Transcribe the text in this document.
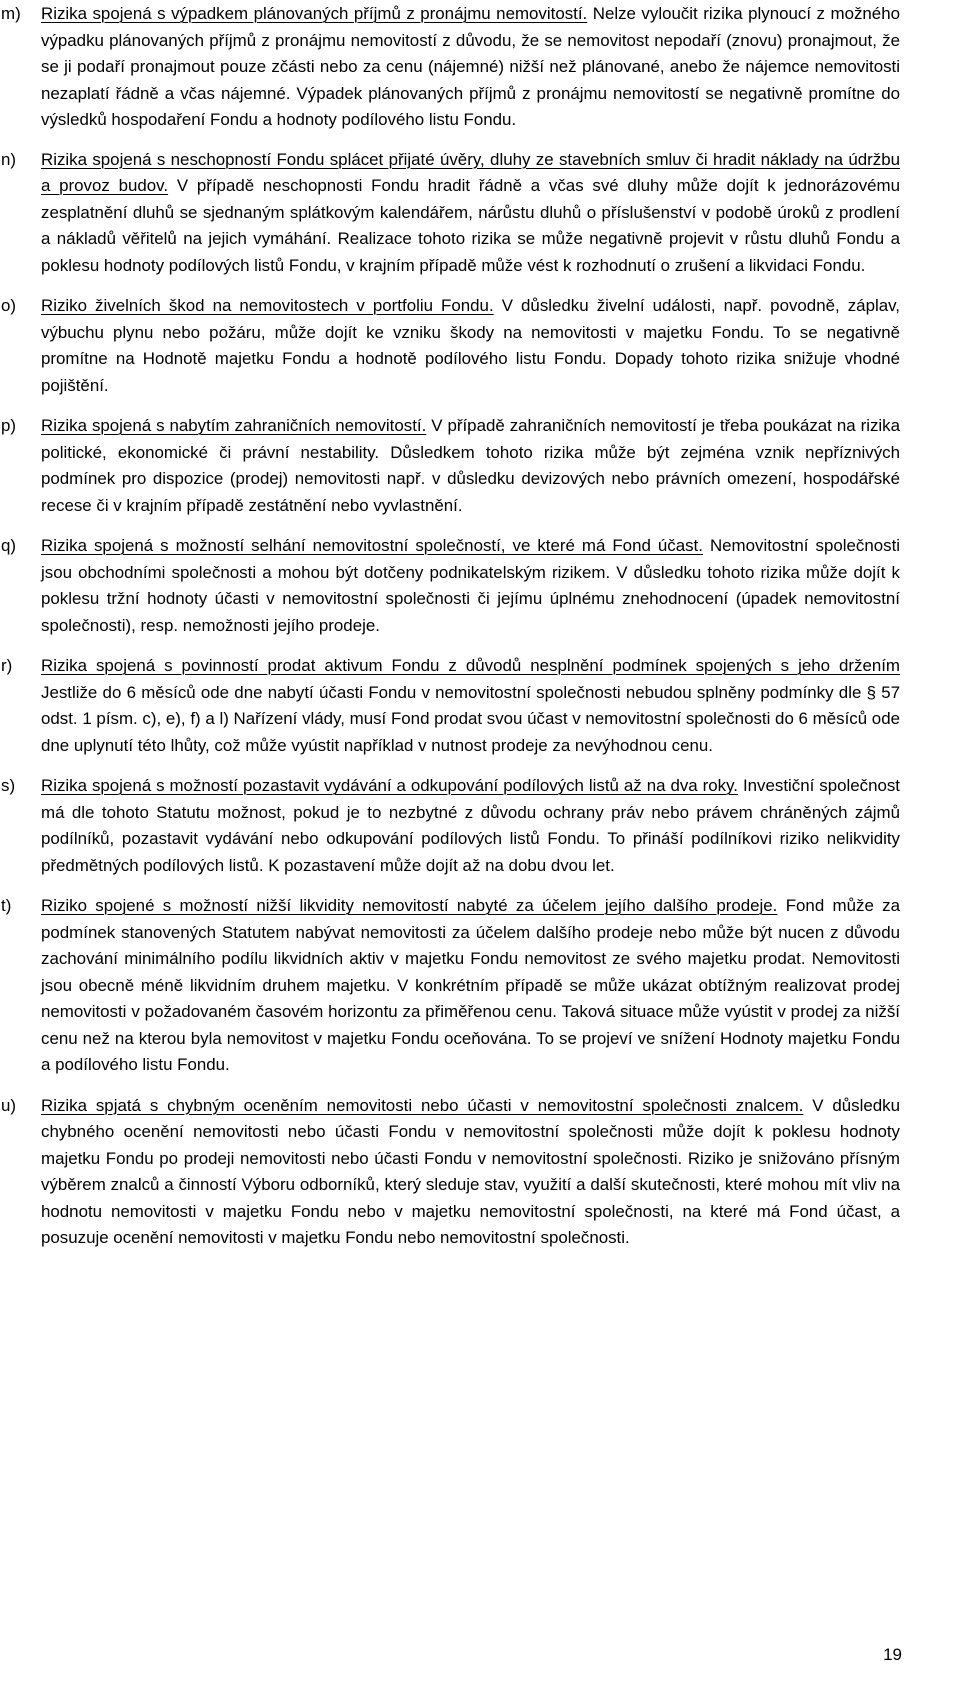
m) Rizika spojená s výpadkem plánovaných příjmů z pronájmu nemovitostí. Nelze vyloučit rizika plynoucí z možného výpadku plánovaných příjmů z pronájmu nemovitostí z důvodu, že se nemovitost nepodaří (znovu) pronajmout, že se ji podaří pronajmout pouze zčásti nebo za cenu (nájemné) nižší než plánované, anebo že nájemce nemovitosti nezaplatí řádně a včas nájemné. Výpadek plánovaných příjmů z pronájmu nemovitostí se negativně promítne do výsledků hospodaření Fondu a hodnoty podílového listu Fondu.
n) Rizika spojená s neschopností Fondu splácet přijaté úvěry, dluhy ze stavebních smluv či hradit náklady na údržbu a provoz budov. V případě neschopnosti Fondu hradit řádně a včas své dluhy může dojít k jednorázovému zesplatnění dluhů se sjednaným splátkovým kalendářem, nárůstu dluhů o příslušenství v podobě úroků z prodlení a nákladů věřitelů na jejich vymáhání. Realizace tohoto rizika se může negativně projevit v růstu dluhů Fondu a poklesu hodnoty podílových listů Fondu, v krajním případě může vést k rozhodnutí o zrušení a likvidaci Fondu.
o) Riziko živelních škod na nemovitostech v portfoliu Fondu. V důsledku živelní události, např. povodně, záplav, výbuchu plynu nebo požáru, může dojít ke vzniku škody na nemovitosti v majetku Fondu. To se negativně promítne na Hodnotě majetku Fondu a hodnotě podílového listu Fondu. Dopady tohoto rizika snižuje vhodné pojištění.
p) Rizika spojená s nabytím zahraničních nemovitostí. V případě zahraničních nemovitostí je třeba poukázat na rizika politické, ekonomické či právní nestability. Důsledkem tohoto rizika může být zejména vznik nepříznivých podmínek pro dispozice (prodej) nemovitosti např. v důsledku devizových nebo právních omezení, hospodářské recese či v krajním případě zestátnění nebo vyvlastnění.
q) Rizika spojená s možností selhání nemovitostní společností, ve které má Fond účast. Nemovitostní společnosti jsou obchodními společnosti a mohou být dotčeny podnikatelským rizikem. V důsledku tohoto rizika může dojít k poklesu tržní hodnoty účasti v nemovitostní společnosti či jejímu úplnému znehodnocení (úpadek nemovitostní společnosti), resp. nemožnosti jejího prodeje.
r) Rizika spojená s povinností prodat aktivum Fondu z důvodů nesplnění podmínek spojených s jeho držením Jestliže do 6 měsíců ode dne nabytí účasti Fondu v nemovitostní společnosti nebudou splněny podmínky dle § 57 odst. 1 písm. c), e), f) a l) Nařízení vlády, musí Fond prodat svou účast v nemovitostní společnosti do 6 měsíců ode dne uplynutí této lhůty, což může vyústit například v nutnost prodeje za nevýhodnou cenu.
s) Rizika spojená s možností pozastavit vydávání a odkupování podílových listů až na dva roky. Investiční společnost má dle tohoto Statutu možnost, pokud je to nezbytné z důvodu ochrany práv nebo právem chráněných zájmů podílníků, pozastavit vydávání nebo odkupování podílových listů Fondu. To přináší podílníkovi riziko nelikvidity předmětných podílových listů. K pozastavení může dojít až na dobu dvou let.
t) Riziko spojené s možností nižší likvidity nemovitostí nabyté za účelem jejího dalšího prodeje. Fond může za podmínek stanovených Statutem nabývat nemovitosti za účelem dalšího prodeje nebo může být nucen z důvodu zachování minimálního podílu likvidních aktiv v majetku Fondu nemovitost ze svého majetku prodat. Nemovitosti jsou obecně méně likvidním druhem majetku. V konkrétním případě se může ukázat obtížným realizovat prodej nemovitosti v požadovaném časovém horizontu za přiměřenou cenu. Taková situace může vyústit v prodej za nižší cenu než na kterou byla nemovitost v majetku Fondu oceňována. To se projeví ve snížení Hodnoty majetku Fondu a podílového listu Fondu.
u) Rizika spjatá s chybným oceněním nemovitosti nebo účasti v nemovitostní společnosti znalcem. V důsledku chybného ocenění nemovitosti nebo účasti Fondu v nemovitostní společnosti může dojít k poklesu hodnoty majetku Fondu po prodeji nemovitosti nebo účasti Fondu v nemovitostní společnosti. Riziko je snižováno přísným výběrem znalců a činností Výboru odborníků, který sleduje stav, využití a další skutečnosti, které mohou mít vliv na hodnotu nemovitosti v majetku Fondu nebo v majetku nemovitostní společnosti, na které má Fond účast, a posuzuje ocenění nemovitosti v majetku Fondu nebo nemovitostní společnosti.
19
